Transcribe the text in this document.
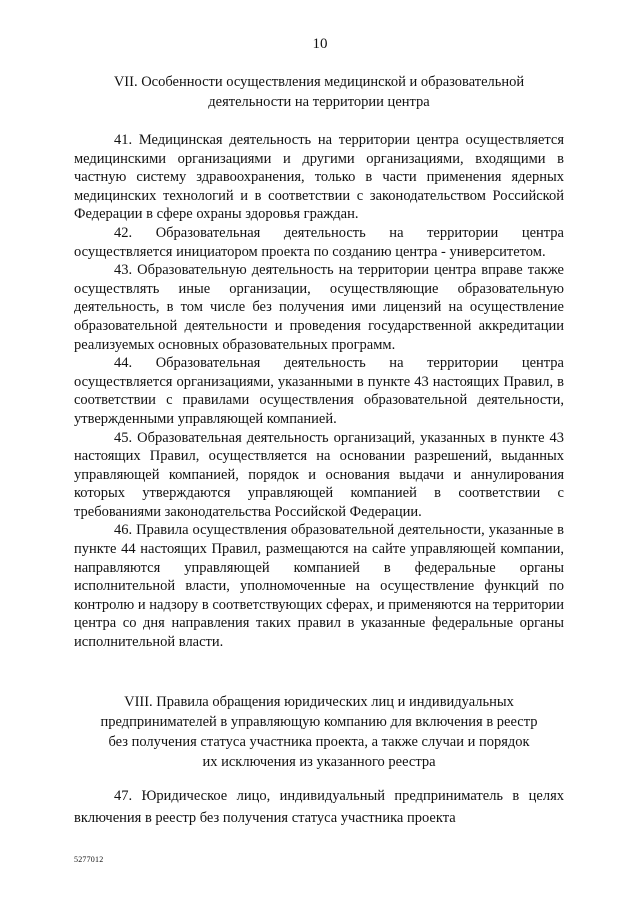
10
VII. Особенности осуществления медицинской и образовательной
деятельности на территории центра

41. Медицинская деятельность на территории центра осуществляется медицинскими организациями и другими организациями, входящими в частную систему здравоохранения, только в части применения ядерных медицинских технологий и в соответствии с законодательством Российской Федерации в сфере охраны здоровья граждан.

42. Образовательная деятельность на территории центра осуществляется инициатором проекта по созданию центра - университетом.

43. Образовательную деятельность на территории центра вправе также осуществлять иные организации, осуществляющие образовательную деятельность, в том числе без получения ими лицензий на осуществление образовательной деятельности и проведения государственной аккредитации реализуемых основных образовательных программ.

44. Образовательная деятельность на территории центра осуществляется организациями, указанными в пункте 43 настоящих Правил, в соответствии с правилами осуществления образовательной деятельности, утвержденными управляющей компанией.

45. Образовательная деятельность организаций, указанных в пункте 43 настоящих Правил, осуществляется на основании разрешений, выданных управляющей компанией, порядок и основания выдачи и аннулирования которых утверждаются управляющей компанией в соответствии с требованиями законодательства Российской Федерации.

46. Правила осуществления образовательной деятельности, указанные в пункте 44 настоящих Правил, размещаются на сайте управляющей компании, направляются управляющей компанией в федеральные органы исполнительной власти, уполномоченные на осуществление функций по контролю и надзору в соответствующих сферах, и применяются на территории центра со дня направления таких правил в указанные федеральные органы исполнительной власти.

VIII. Правила обращения юридических лиц и индивидуальных
предпринимателей в управляющую компанию для включения в реестр
без получения статуса участника проекта, а также случаи и порядок
их исключения из указанного реестра

47. Юридическое лицо, индивидуальный предприниматель в целях включения в реестр без получения статуса участника проекта

5277012
